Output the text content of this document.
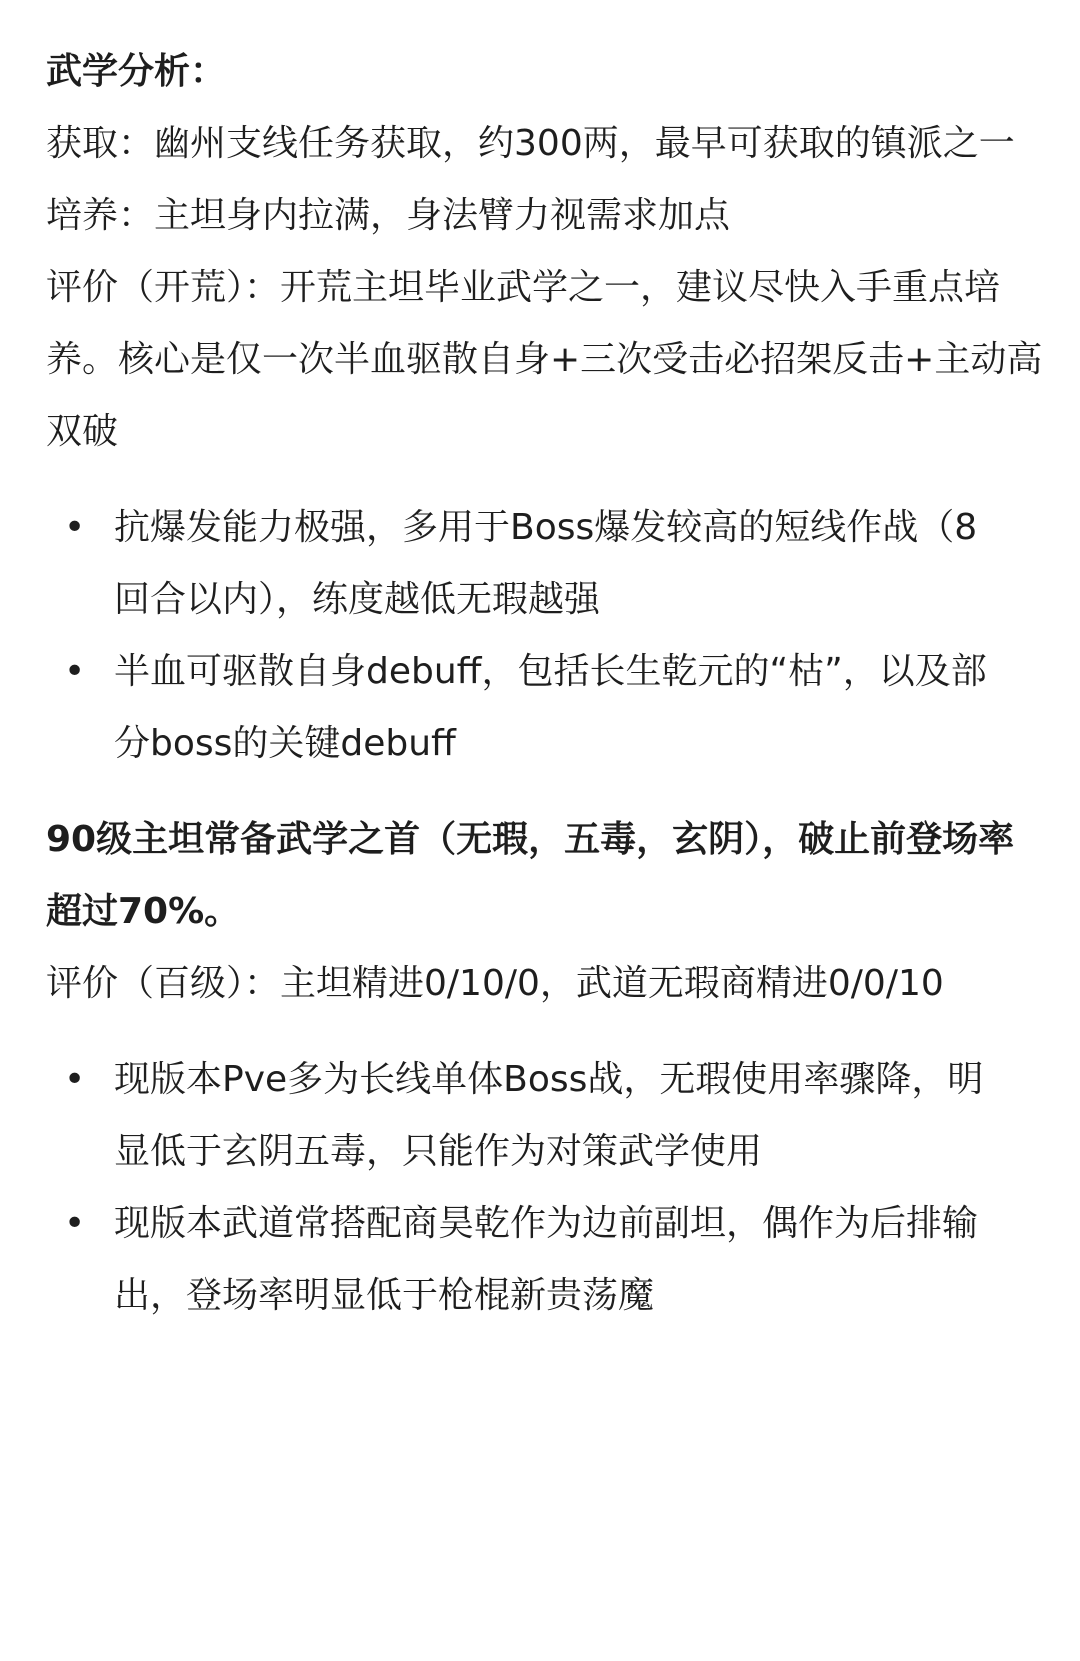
武学分析：

获取：幽州支线任务获取，约300两，最早可获取的镇派之一

培养：主坦身内拉满，身法臂力视需求加点

评价（开荒）：开荒主坦毕业武学之一，建议尽快入手重点培养。核心是仅一次半血驱散自身+三次受击必招架反击+主动高双破

• 抗爆发能力极强，多用于Boss爆发较高的短线作战（8回合以内），练度越低无瑕越强
• 半血可驱散自身debuff，包括长生乾元的“枯”，以及部分boss的关键debuff

90级主坦常备武学之首（无瑕，五毒，玄阴），破止前登场率超过70%。

评价（百级）：主坦精进0/10/0，武道无瑕商精进0/0/10

• 现版本Pve多为长线单体Boss战，无瑕使用率骤降，明显低于玄阴五毒，只能作为对策武学使用
• 现版本武道常搭配商昊乾作为边前副坦，偶作为后排输出，登场率明显低于枪棍新贵荡魔
